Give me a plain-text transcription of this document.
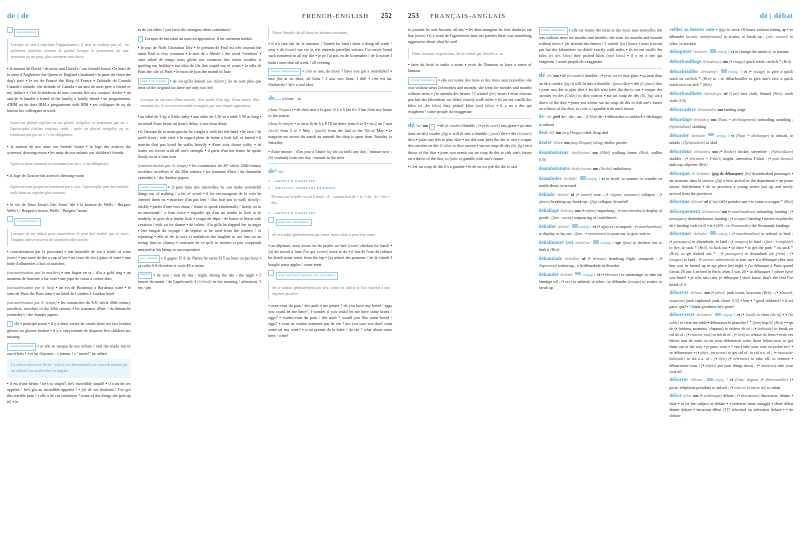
de | de	FRENCH-ENGLISH 252
appartenance
Lorsque de sert à exprimer l'appartenance, il peut se traduire par of ; on préférera toutefois souvent le génitif lorsque le possesseur est une personne ou un pays, plus rarement une chose.
• la maison de David / de notre ami David's / our friend's house • le mari de la reine d'Angleterre the Queen of England's husband • la patte du chien the dog's paw • le roi de France the King of France • l'attitude du Canada Canada's attitude, the attitude of Canada • un ami de mon père a friend of my father's • c'est le médecin de mes cousins he's my cousins' doctor • un ami de la famille a friend of the family, a family friend • un programmeur d'IBM ou de chez IBM a programmer with IBM • ses collègues de ou du bureau his colleagues at work
Après un pluriel régulier ou un pluriel irrégulier se terminant par un s, l'apostrophe s'utilise toujours seule ; après un pluriel irrégulier ne se terminant pas par un s, 's est obligatoire.
• la maison de nos amis our friends' house • la loge des actrices the actresses' dressing-room • les amis de nos enfants our children's friends
Après un nom commun se terminant par un s, 's est obligatoire.
• la loge de l'actrice the actress's dressing-room
Après un nom propre se terminant par s ou x, l'apostrophe peut être utilisée seule dans un registre plus soutenu.
• la vie de Jésus Jesus's life, Jesus' life • la maison de Wells / Burgess Wells's / Burgess's house, Wells' / Burgess' house
caractérisation
Lorsque de est utilisé pour caractériser, il peut être traduit par of, mais l'anglais utilise souvent de tournures adjectivales.
• caractérisation par la personne) • une bouteille de vin a bottle of wine (mais) • une tasse de thé a cup of tea • un verre de vin a glass of wine • une boîte d'allumettes a box of matches
(caractérisation par la matière) • une bague en or / d'or a gold ring • un manteau de fourrure a fur coat • une jupe de coton a cotton skirt
(caractérisation par le lieu) • un vin de Bordeaux a Bordeaux wine • le train de Paris the Paris train • un hôtel de Londres a London hotel
(caractérisation par le temps) • les romanciers du XXᵉ siècle 20th-century novelists, novelists of the 20th century • les journaux d'hier / du dimanche yesterday's / the Sunday papers
4 de • participe passé • il y a deux verres de cassés there are two broken glasses ou glasses broken • il y a cinq enfants de disparus five children are missing
valeur intensive • et elle se moqua de nos efforts ! and she made fun of our efforts ! • et lui d'ajouter : « jamais ! » "never!" he added
La valeur intensive de de - article ou démonstratif est souvent rendue par un adjectif ou un adverbe en anglais.
• il est d'une bêtise ! he's so stupid!, he's incredibly stupid! • il a un de ces appétits ! he's got an incredible appetite ! • j'ai de ces douleurs ! I've got this terrible pain ! • elle a de ces initiatives ! some of the things she gets up to! • tu
as de ces idées ! you have the strangest ideas sometimes!
5 Lorsque de introduit un nom en apposition, il est rarement traduit.
• le jour de Noël Christmas Day • le prénom de Paul est très courant the name Paul is very common • le mot de « liberté » the word "freedom" • cette saleté de temps nous gâche nos vacances this rotten weather is spoiling our holiday • ton idiot de fils that stupid son of yours • la ville de Paris the city of Paris • le mois de juin the month of June
sujet d'un reprise • de six qu'ils étaient (au départ), ils ne sont plus que deux of the original six there are only two left
Lorsque de est suivi d'une mesure, d'un poids, d'un âge, d'une durée, d'un montant etc, il est souvent rendu en anglais par une simple apposition.
• un bébé de 3 kg a 3-kilo baby • une table de 1,50 m a table 1.50 m long • un retard d'une heure an hour's delay, a one-hour delay
• il l'attrapa de la main gauche he caught it with his left hand • de face / de profil front / side view • le regard plein de haine a look full of hatred • il marche d'un pas lourd he walks heavily • d'une voix douce softly • de toutes ses forces with all one's strength • il parla d'un ton ferme he spoke firmly ou in a firm tone
(caractérisation par le temps) • les romanciers du 20ᵉ siècle 20th-century novelists, novelists of the 20th century • les journaux d'hier / du dimanche yesterday's / the Sunday papers
valeur intensive • il peut faire des merveilles he can make wonderful things out of nothing / a bit of wood • il les encourageait de la voix he cheered them on • marcher d'un pas lent / d'un bon pas to walk slowly / briskly • parler d'une voix émue / ferme to speak emotionally / firmly ou in an emotional / a firm voice • regarder qn d'un air tendre to look at sb tenderly, to give sb a tender look • rougir de dépit / de honte to blush with vexation / with ou for shame • de colère, il la gifla he slapped her in anger • être fatigué du voyage / de répéter to be tired from the journey / of repeating • elle rit de la voix si maladroit she laughed to see him ou on seeing him so clumsy • contrarié de ce qu'il se montre si peu coopératif annoyed at his being so uncooperative
par, chaque • il gagne 15 € de l'heure he earns €15 an hour ou per hour • ça coûte 6 € du mètre it costs €6 a metre
durant • de jour / nuit by day / night, during the day / the night • 3 heures du matin / de l'après-midi 3 (o'clock) in the morning / afternoon, 3 am / pm
Notez l'emploi de all dans les phrases suivantes.
• il n'a rien fait de la semaine / l'année he hasn't done a thing all week / year • de (toute) ma vie je n'ai entendu pareilles sottises I've never heard such nonsense in all my life • je ne l'ai pas vu de la semaine / de la soirée I hadn't seen him all week / all evening
valeur emphatique • c'en as une, de moto ? have you got a motorbike? • moi j'en ai vu deux, de lions ! I saw two lions, I did! • c'en est un, d'imbécile ! he's a real idiot
de… à from… to
(dans l'espace) • de chez moi à la gare, il y a 5 km it's 5 km from my house to the station
(dans le temps) • je serai là de 6 à 8 I'll be there from 6 to 8 • du 2 au 7 mai (écrit) from 2 to 7 May ; (parlé) from the 2nd to the 7th of May • le magasin est ouvert du mardi au samedi the shop is open from Tuesday to Saturday
• d'une minute / d'un jour à l'autre (a) tôt ou tard) any day / minute now ; (b) soudain) from one day / minute to the next
de² /də/
I - ARTICLE PARTITIF
2 - ARTICLE INDÉFINI PLURIEL
Devant une voyelle ou un h muet : d' ; contraction de + le = du ; de + les = des.
I - ARTICLE PARTITIF
dans une affirmation
de se traduit généralement par some, mais celui-ci peut être omis.
• au déjeuner, nous avons eu du poulet we had (some) chicken for lunch • j'ai du travail à faire I've got (some) work to do • il but de l'eau du robinet he drank some water from the tap • j'ai acheté des pommes / de la viande I bought some apples / some meat
dans une interrogation, une hypothèse
de se traduit généralement par any, some est utilisé si l'on s'attend à une réponse positive.
• avez-vous du pain / des œufs à me passer ? do you have any bread / eggs you could let me have?, I wonder if you could let me have some bread / eggs? • voulez-vous du pain / des œufs ? would you like some bread / eggs? • vous ne voulez vraiment pas de vin ? are you sure you don't want some ou any wine? • si on prenait de la bière / du vin ? what about some beer / wine?
253 FRANÇAIS-ANGLAIS	dé | débat
la journée he eats biscuits all day • les ânes mangent du foin donkeys eat hay (mais) • il y avait de l'agressivité dans ses paroles there was something aggressive about what he said
Dans certaines expressions, de se traduit par l'article a, an.
• faire du bruit to make a noise • avoir de l'humour to have a sense of humour
valeur intensive • elle est restée des mois et des mois sans nouvelles she was without news for months and months, she went for months and months without news • j'ai attendu des heures ! I waited (for) hours • nous n'avons pas fait des kilomètres we didn't exactly walk miles • ils en ont cueilli des kilos (et des kilos) they picked kilos (and kilos) • il y en a des qui exagèrent ! some people do exaggerate
dé /de/ nm 1 • dé (à coudre) thimble ; (• petit verre) tiny glass • ça tient dans un dé à coudre (fig) it will fit into a thimble ; (jeux) dice • dés (à jouer) dice • jouer aux dés to play dice • les dés sont jetés the die is cast • couper des carottes en dés (Culin) to dice carrots • sur un coup de dés (lit, fig) on a throw of the dice • jouer son avenir sur un coup de dés to risk one's future on a throw of the dice, to (take a) gamble with one's future
• c'est un coup de dés it's a gamble • le dé en est jeté the die is cast
valeur intensive • elle est restée des mois et des mois sans nouvelles she was without news for months and months, she went for months and months without news • j'ai attendu des heures ! I waited (for) hours • nous n'avons pas fait des kilomètres we didn't exactly walk miles • ils en ont cueilli des kilos (et des kilos) they picked kilos (and kilos) • il y en a des qui exagèrent ! some people do exaggerate
dé /de/ nm • dé (à coudre) thimble ; (• petit verre) tiny glass • ça tient dans un dé à coudre (fig) it will fit into a thimble ; (jeux) dice • dés (à jouer) dice • jouer aux dés to play dice • les dés sont jetés the die is cast • couper des carottes en dés (Culin) to dice carrots • sur un coup de dés (lit, fig) on a throw of the dice • jouer son avenir sur un coup de dés to risk one's future on a throw of the dice, to (take a) gamble with one's future
dé- /de/ préf de-, dis-, un- ; (Chim) de- • déboucher to unblock • décharger to unload
deal /dil/ nm (arg Drogue) deal, drug deal
dealer /dilœʀ/ nm (arg Drogue) (drug) dealer, pusher
déambulateur /deɑ̃bylatœʀ/ nm (Méd) walking frame (Brit), walker (US)
déambulatoire /deɑ̃bylatwaʀ/ nm (Archit) ambulatory
déambuler /deɑ̃byle/ conjug 1 vi to stroll, to saunter, to wander ou amble about ou around
débâcle /debɑkl/ nf (• armée) rout ; (• régime, monnaie) collapse ; (• glaces) breaking up, break-up ; (fig) collapse, downfall
déballage /debalaʒ/ nm (• objets) unpacking ; (• marchandises) display of goods ; (fam : aveux) outpouring of confidences
déballer /debale/ conjug 1 vt (• affaires) to unpack ; (• marchandises) to display, to lay out ; (fam : • sentiments) to pour out, to give vent to
déballonner (se) /debalɔne/	conjug 1 vpr (fam) to chicken out, to funk it (Brit)
débandade /debɑ̃dad/ nf (• déroute) headlong flight, stampede ; (• dispersion) scattering ; à la débandade in disorder
débander /debɑ̃de/ conjug 1 vt (• blessure) to unbandage, to take the bandage off ; (• arc) to unbend, to relax ; se débander (troupe) to scatter, to break up
veiller so heures sans • (fig) to work 10 hours without letting up • se débander (armée, manifestants) to scatter, to break up ; (arc, ressort) to relax, to slacken
débaptiser /debatize/ conjug 1 vt to change the name of, to rename
débarbouillage /debaʀbujaʒ/ nm (• visage) quick wash, cat-lick * (Brit)
débarbouiller /debaʀbuje/	conjug 1 vt (• visage) to give a quick wash ou cat-lick * (Brit) to ; se débarbouiller to give one's face a quick wash ou a cat-lick * (Brit)
débarbouillette /debaʀbujɛt/ nf (Can) face cloth, flannel (Brit), wash cloth (US)
débarcadère /debaʀkadɛʀ/ nm landing stage
débardage /debaʀdaʒ/ nm (Naut = déchargement) unloading, unlading ; (Sylviculture) skidding
débarder /debaʀde/	conjug 1 vt (Naut = décharger) to unload, to unlade ; (Sylviculture) to skid
débardeur /debaʀdœʀ/ nm (• docker) docker, stevedore ; (Sylviculture) skidder ; (• vêtement = T-shirt) singlet, sleeveless T-shirt ; (• pour-dessus) tank top, slipover (Brit)
débarqué, e /debaʀke/ (ptp de débarquer) (lit) disembarked passenger • un nouveau dans le service (fig) a new arrival in the department • un jeune auteur fraîchement • de sa province a young writer just up and newly arrived from the provinces
débarque /debaʀk/ nf (Can) fall • prendre une • to come a cropper * (Brit)
débarquement /debaʀkəmɑ̃/ nm (• marchandises) unloading, landing ; (• passagers) disembarkation, landing ; (• troupes) landing • navire ou péniche de • landing craft (mil) • le • (Mil : en Normandie) the Normandy landings
débarquer /debaʀke/ conjug 1 (• marchandises) to unload, to land ; (• passagers) to disembark, to land ; (• troupes) to land ; (fam : • employé) to fire, to sack * (Brit), to kick out • se faire • to get the push * ou sack * (Brit), to get kicked out * ; (• passagers) to disembark (de from) ; (• troupes) to land ; (• arriver subitement) to turn up • il a débarqué chez moi hier soir he turned up at my place last night • j'ai débarqué à Paris quand j'avais 20 ans I arrived in Paris when I was 20 • tu débarques ! where have you been? • je n'en sais rien, je débarque I don't know, that's the first I've heard of it
débarras /debaʀa/ nm (• pièce) junk room, boxroom (Brit) ; (• placard, soupente) junk cupboard, junk closet (US) • bon • ! good riddance! • il est parti, quel • ! thank goodness he's gone!
débarrasser /debaʀase/ conjug 1 vt (• local) to clear (de of) • • (la table) to clear the table • débarrasse le plancher ! * (fam) hop it! (Brit) • • qn de (• fardeau, manteau, chapeau) to relieve sb of ; (• habitude) to break ou rid sb of ; (• ennemi, mal) to rid sb of ; (• lien) to release sb from • écris ces lettres tout de suite, tu en seras débarrassé write those letters now so get them out of the way • je peux vous • ? can I take your coat ou jacket etc? • se débarrasser • (• objet, personne) to get rid of, to rid o.s. of ; (• mauvaise habitude) to rid o.s. of ; (• lien) (• vêtement) to take off, to remove • débarrassez-vous ! (• objets) put your things down ; (• manteau) take your coat off
débarrer /debaʀe/	conjug 1 vt (Can, région) (• déverrouiller) (• porte, téléphone portable) to unlock ; (• enlever la barre de) to unbar
débat /deba/ nm (• polémique) debate ; (• discussion) discussion, debate • faire • to be the subject of debate • • intérieur inner struggle • dîner débat dinner debate • émission débat (TV) televised ou television debate • • de clôture
